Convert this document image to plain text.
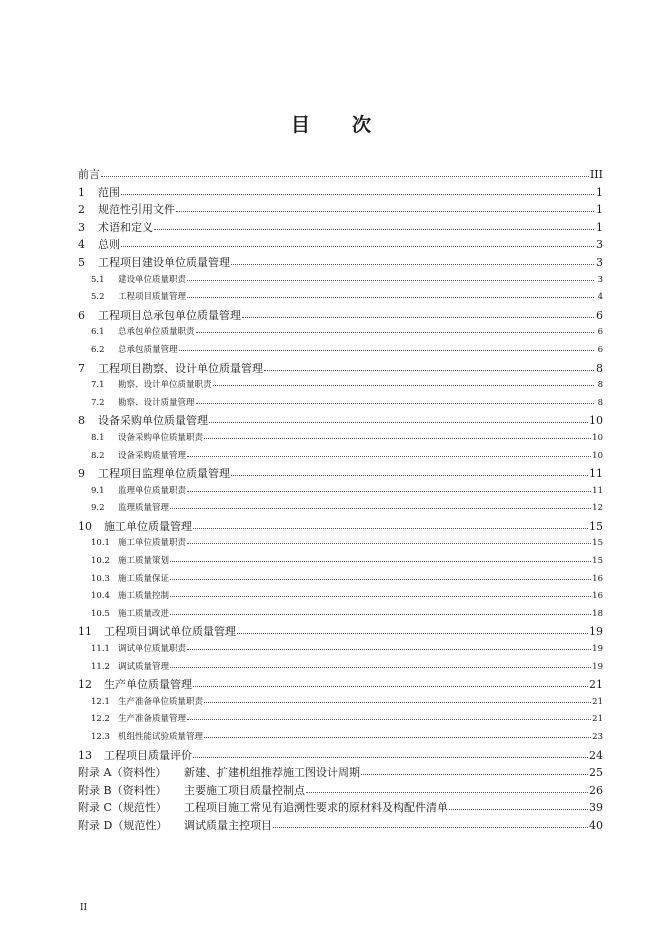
目 次
前言	III
1	范围	1
2	规范性引用文件	1
3	术语和定义	1
4	总则	3
5	工程项目建设单位质量管理	3
5.1	建设单位质量职责	3
5.2	工程项目质量管理	4
6	工程项目总承包单位质量管理	6
6.1	总承包单位质量职责	6
6.2	总承包质量管理	6
7	工程项目勘察、设计单位质量管理	8
7.1	勘察、设计单位质量职责	8
7.2	勘察、设计质量管理	8
8	设备采购单位质量管理	10
8.1	设备采购单位质量职责	10
8.2	设备采购质量管理	10
9	工程项目监理单位质量管理	11
9.1	监理单位质量职责	11
9.2	监理质量管理	12
10	施工单位质量管理	15
10.1 施工单位质量职责	15
10.2 施工质量策划	15
10.3 施工质量保证	16
10.4 施工质量控制	16
10.5 施工质量改进	18
11	工程项目调试单位质量管理	19
11.1 调试单位质量职责	19
11.2 调试质量管理	19
12	生产单位质量管理	21
12.1 生产准备单位质量职责	21
12.2 生产准备质量管理	21
12.3 机组性能试验质量管理	23
13	工程项目质量评价	24
附录 A（资料性）	新建、扩建机组推荐施工图设计周期	25
附录 B（资料性）	主要施工项目质量控制点	26
附录 C（规范性）	工程项目施工常见有追溯性要求的原材料及构配件清单	39
附录 D（规范性）	调试质量主控项目	40
II
